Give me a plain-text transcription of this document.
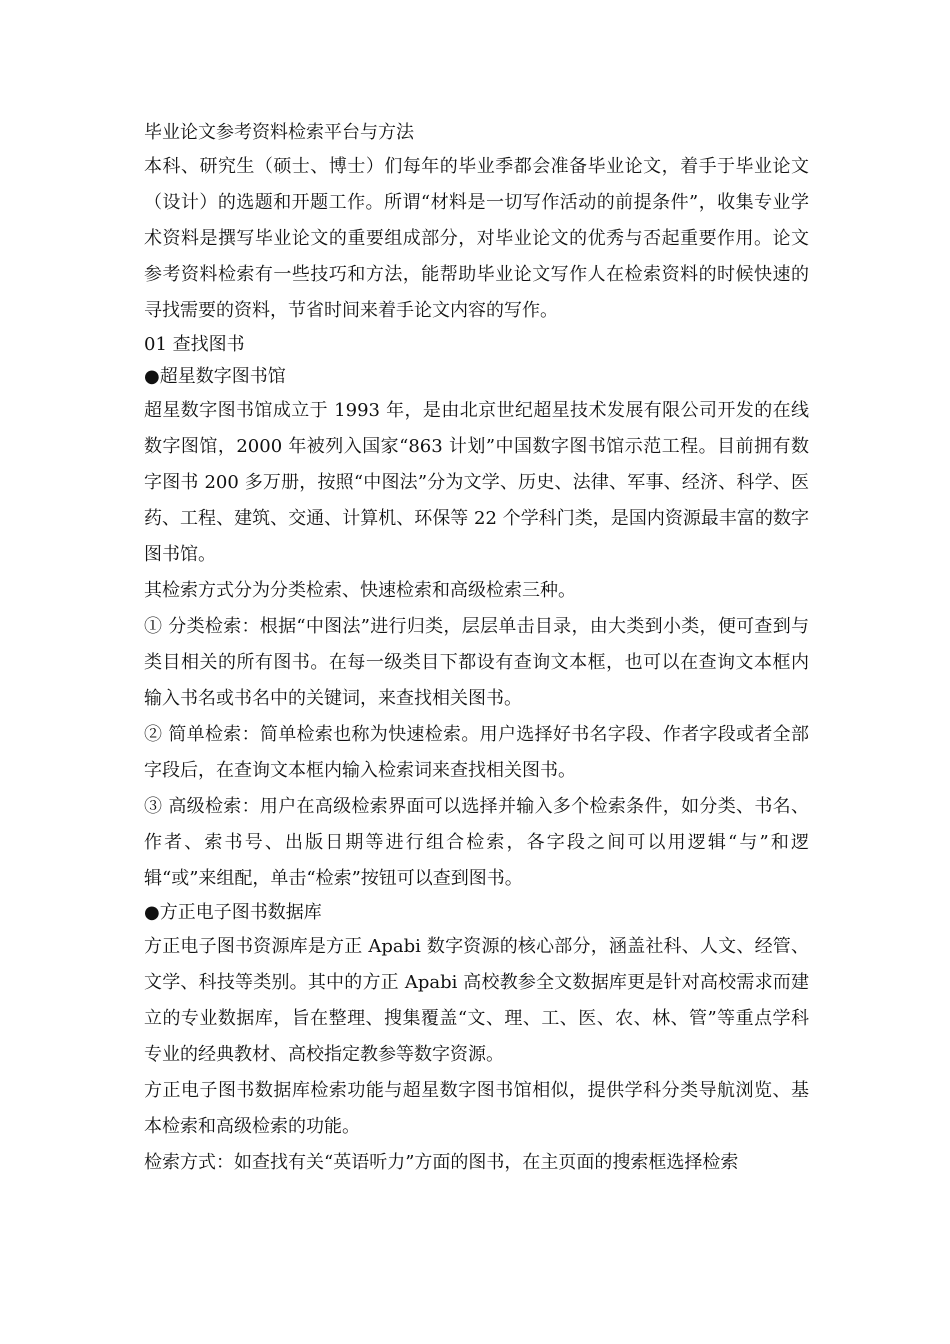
毕业论文参考资料检索平台与方法

本科、研究生（硕士、博士）们每年的毕业季都会准备毕业论文，着手于毕业论文（设计）的选题和开题工作。所谓“材料是一切写作活动的前提条件”，收集专业学术资料是撰写毕业论文的重要组成部分，对毕业论文的优秀与否起重要作用。论文参考资料检索有一些技巧和方法，能帮助毕业论文写作人在检索资料的时候快速的寻找需要的资料，节省时间来着手论文内容的写作。

01 查找图书

●超星数字图书馆

超星数字图书馆成立于 1993 年，是由北京世纪超星技术发展有限公司开发的在线数字图馆，2000 年被列入国家“863 计划”中国数字图书馆示范工程。目前拥有数字图书 200 多万册，按照“中图法”分为文学、历史、法律、军事、经济、科学、医药、工程、建筑、交通、计算机、环保等 22 个学科门类，是国内资源最丰富的数字图书馆。

其检索方式分为分类检索、快速检索和高级检索三种。

① 分类检索：根据“中图法”进行归类，层层单击目录，由大类到小类，便可查到与类目相关的所有图书。在每一级类目下都设有查询文本框，也可以在查询文本框内输入书名或书名中的关键词，来查找相关图书。

② 简单检索：简单检索也称为快速检索。用户选择好书名字段、作者字段或者全部字段后，在查询文本框内输入检索词来查找相关图书。

③ 高级检索：用户在高级检索界面可以选择并输入多个检索条件，如分类、书名、作者、索书号、出版日期等进行组合检索，各字段之间可以用逻辑“与”和逻辑“或”来组配，单击“检索”按钮可以查到图书。

●方正电子图书数据库

方正电子图书资源库是方正 Apabi 数字资源的核心部分，涵盖社科、人文、经管、文学、科技等类别。其中的方正 Apabi 高校教参全文数据库更是针对高校需求而建立的专业数据库，旨在整理、搜集覆盖“文、理、工、医、农、林、管”等重点学科专业的经典教材、高校指定教参等数字资源。

方正电子图书数据库检索功能与超星数字图书馆相似，提供学科分类导航浏览、基本检索和高级检索的功能。

检索方式：如查找有关“英语听力”方面的图书，在主页面的搜索框选择检索
